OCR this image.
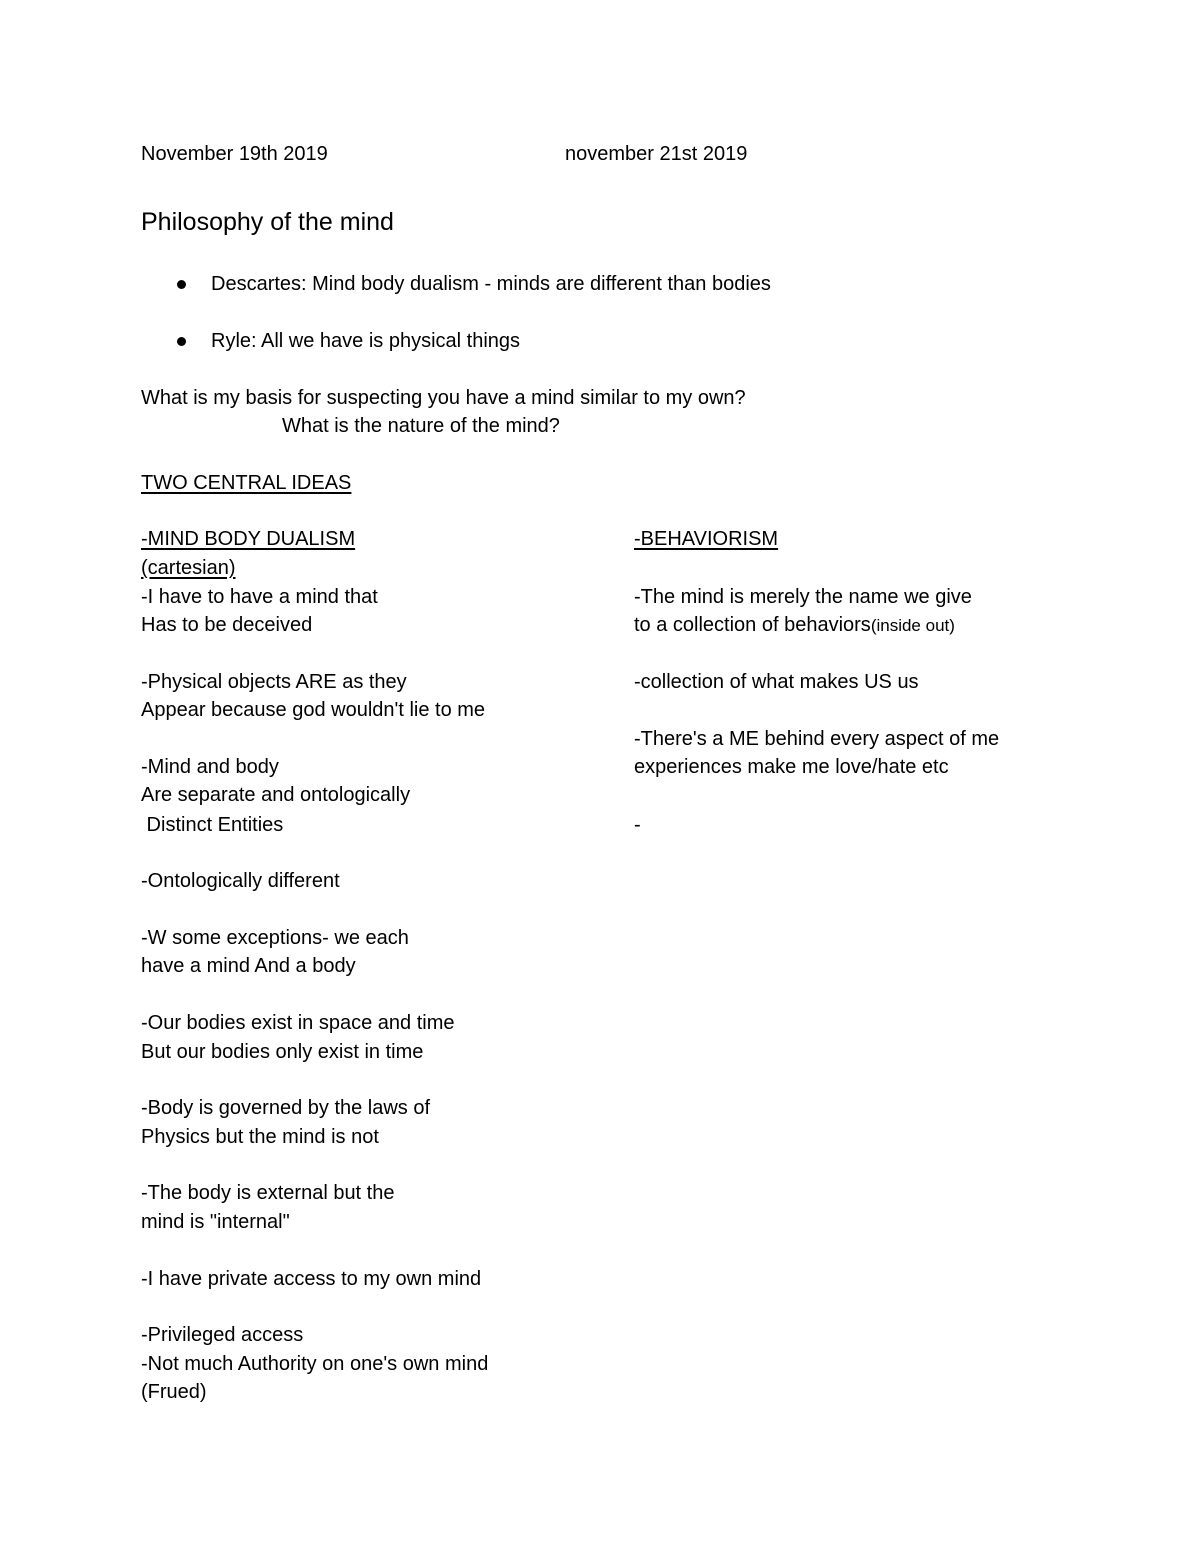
November 19th 2019	november 21st 2019
Philosophy of the mind
Descartes: Mind body dualism - minds are different than bodies
Ryle: All we have is physical things
What is my basis for suspecting you have a mind similar to my own?
What is the nature of the mind?
TWO CENTRAL IDEAS
-MIND BODY DUALISM	-BEHAVIORISM
(cartesian)
-I have to have a mind that
Has to be deceived
-Physical objects ARE as they
Appear because god wouldn't lie to me
-Mind and body
Are separate and ontologically
Distinct Entities
-Ontologically different
-W some exceptions- we each
have a mind And a body
-Our bodies exist in space and time
But our bodies only exist in time
-Body is governed by the laws of
Physics but the mind is not
-The body is external but the
mind is "internal"
-I have private access to my own mind
-Privileged access
-Not much Authority on one's own mind
(Frued)
-The mind is merely the name we give
to a collection of behaviors(inside out)
-collection of what makes US us
-There's a ME behind every aspect of me
experiences make me love/hate etc
-
